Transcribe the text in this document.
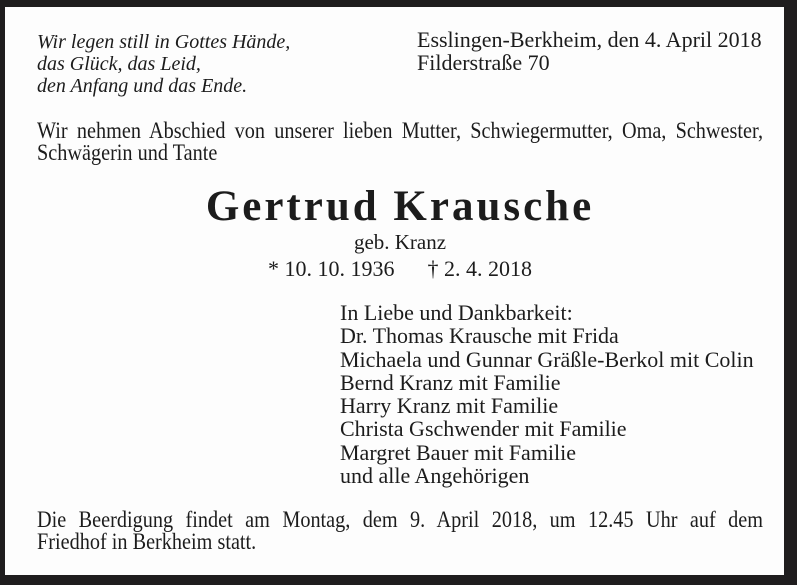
Wir legen still in Gottes Hände,
das Glück, das Leid,
den Anfang und das Ende.
Esslingen-Berkheim, den 4. April 2018
Filderstraße 70
Wir nehmen Abschied von unserer lieben Mutter, Schwiegermutter, Oma, Schwester,
Schwägerin und Tante
Gertrud Krausche
geb. Kranz
* 10. 10. 1936 † 2. 4. 2018
In Liebe und Dankbarkeit:
Dr. Thomas Krausche mit Frida
Michaela und Gunnar Gräßle-Berkol mit Colin
Bernd Kranz mit Familie
Harry Kranz mit Familie
Christa Gschwender mit Familie
Margret Bauer mit Familie
und alle Angehörigen
Die Beerdigung findet am Montag, dem 9. April 2018, um 12.45 Uhr auf dem
Friedhof in Berkheim statt.
